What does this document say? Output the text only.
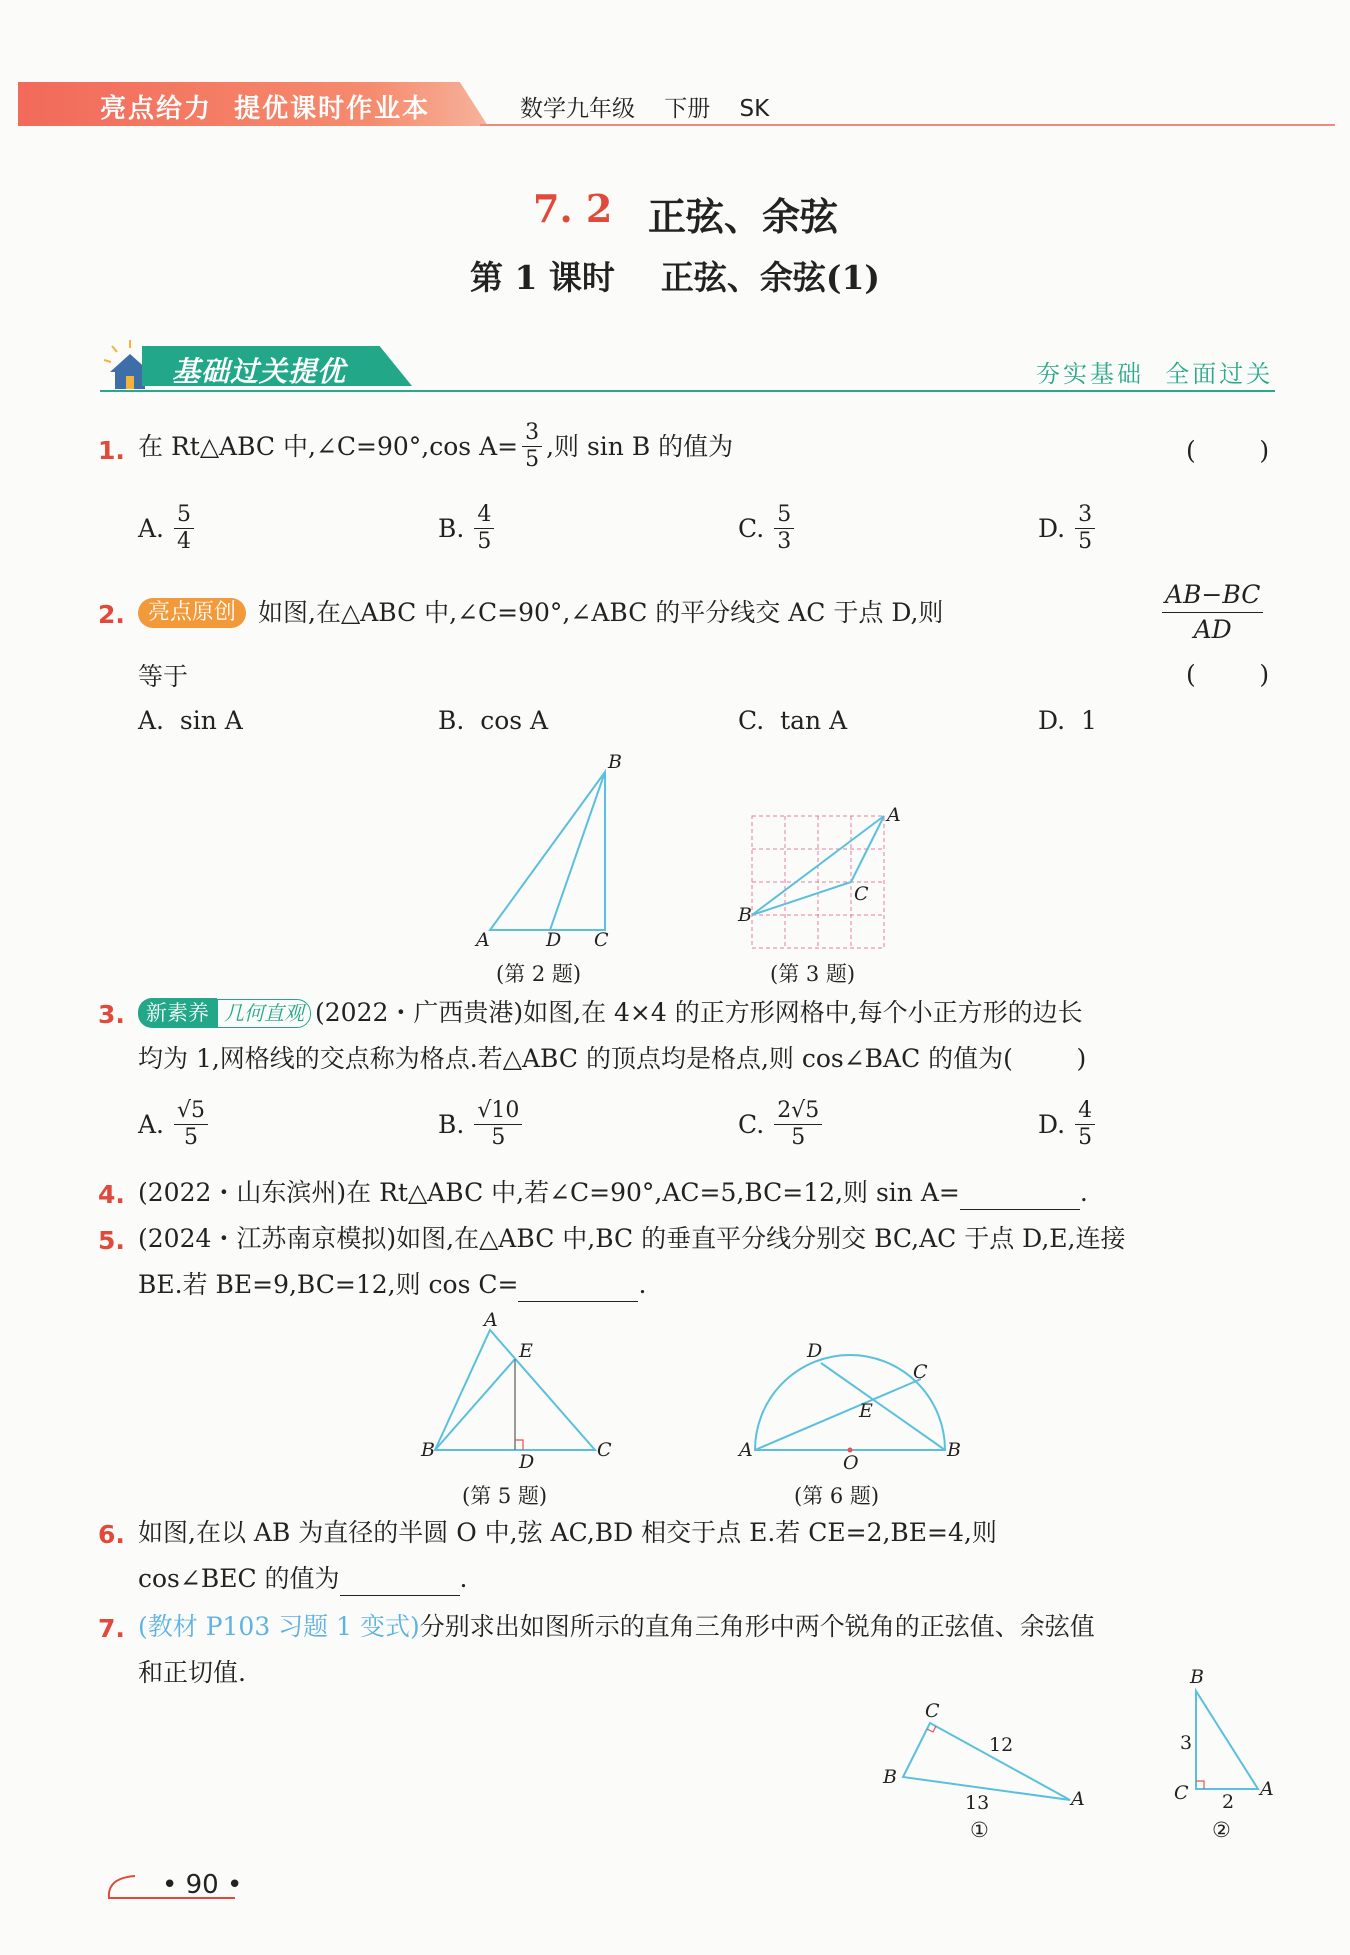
亮点给力  提优课时作业本	数学九年级    下册    SK
7. 2 正弦、余弦
第 1 课时    正弦、余弦(1)
基础过关提优	夯实基础  全面过关
1. 在 Rt△ABC 中,∠C=90°,cos $A= \frac{3}{5}$ ,则 sin B 的值为	(        )
A. $\frac{5}{4}$	B. $\frac{4}{5}$	C. $\frac{5}{3}$	D. $\frac{3}{5}$
2.	亮点原创 如图,在△ABC 中,∠C=90°,∠ABC 的平分线交 AC 于点 D,则	$\frac{AB-BC}{AD}$
等于	(        )
A.  sin A	B.  cos A	C.  tan A	D.  1
B
A	D C
(第 2 题)
A
C
B
(第 3 题)
3.	新素养 几何直观 (2022・广西贵港)如图,在 4×4 的正方形网格中,每个小正方形的边长
均为 1,网格线的交点称为格点.若△ABC 的顶点均是格点,则 cos∠BAC 的值为(        )
A. $\frac{√5}{5}$	B. $\frac{√10}{5}$	C. $\frac{2√5}{5}$	D. $\frac{4}{5}$
4. (2022・山东滨州)在 Rt△ABC 中,若∠C=90°,AC=5,BC=12,则 sin A=	.
5. (2024・江苏南京模拟)如图,在△ABC 中,BC 的垂直平分线分别交 BC,AC 于点 D,E,连接
BE.若 BE=9,BC=12,则 cos C=	.
A
E
B	C
D
(第 5 题)
D
C
E
A	B
O
(第 6 题)
6. 如图,在以 AB 为直径的半圆 O 中,弦 AC,BD 相交于点 E.若 CE=2,BE=4,则
cos∠BEC 的值为	.
7. (教材 P103 习题 1 变式)分别求出如图所示的直角三角形中两个锐角的正弦值、余弦值
和正切值.
C
B
A
12
13
①
B
3
C 2
A
②
• 90 •
